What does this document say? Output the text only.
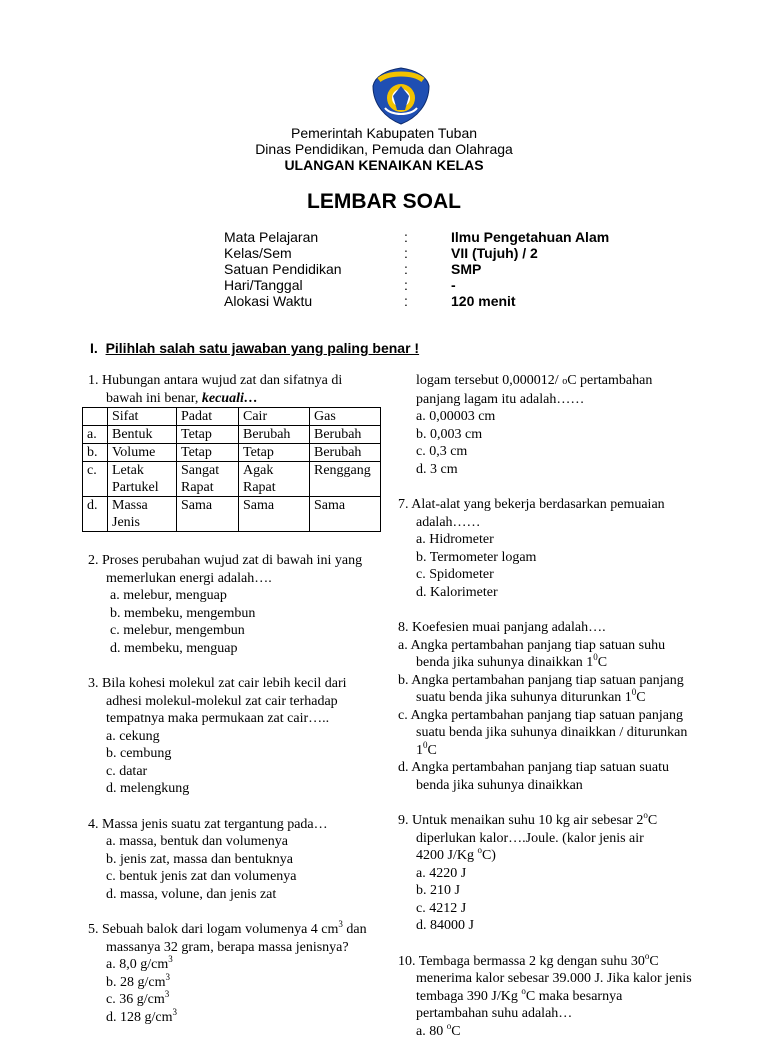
Pemerintah Kabupaten Tuban
Dinas Pendidikan, Pemuda dan Olahraga
ULANGAN KENAIKAN KELAS
LEMBAR SOAL
Mata Pelajaran	:	Ilmu Pengetahuan Alam
Kelas/Sem	:	VII (Tujuh) / 2
Satuan Pendidikan	:	SMP
Hari/Tanggal	:	-
Alokasi Waktu	:	120 menit
I. Pilihlah salah satu jawaban yang paling benar !
1. Hubungan antara wujud zat dan sifatnya di
bawah ini benar, kecuali…
	Sifat	Padat	Cair	Gas
a.	Bentuk	Tetap	Berubah	Berubah
b.	Volume	Tetap	Tetap	Berubah
c.	Letak Partukel	Sangat Rapat	Agak Rapat	Renggang
d.	Massa Jenis	Sama	Sama	Sama
2. Proses perubahan wujud zat di bawah ini yang
memerlukan energi adalah….
a. melebur, menguap
b. membeku, mengembun
c. melebur, mengembun
d. membeku, menguap
3. Bila kohesi molekul zat cair lebih kecil dari
adhesi molekul-molekul zat cair terhadap
tempatnya maka permukaan zat cair…..
a. cekung
b. cembung
c. datar
d. melengkung
4. Massa jenis suatu zat tergantung pada…
a. massa, bentuk dan volumenya
b. jenis zat, massa dan bentuknya
c. bentuk jenis zat dan volumenya
d. massa, volune, dan jenis zat
5. Sebuah balok dari logam volumenya 4 $cm^3$ dan
massanya 32 gram, berapa massa jenisnya?
a. 8,0 $g/cm^3$
b. 28 $g/cm^3$
c. 36 $g/cm^3$
d. 128 $g/cm^3$
logam tersebut 0,000012/ oC pertambahan
panjang lagam itu adalah……
a. 0,00003 cm
b. 0,003 cm
c. 0,3 cm
d. 3 cm
7. Alat-alat yang bekerja berdasarkan pemuaian
adalah……
a. Hidrometer
b. Termometer logam
c. Spidometer
d. Kalorimeter
8. Koefesien muai panjang adalah….
a. Angka pertambahan panjang tiap satuan suhu
benda jika suhunya dinaikkan $1^0C$
b. Angka pertambahan panjang tiap satuan panjang
suatu benda jika suhunya diturunkan $1^0C$
c. Angka pertambahan panjang tiap satuan panjang
suatu benda jika suhunya dinaikkan / diturunkan
$1^0C$
d. Angka pertambahan panjang tiap satuan suatu
benda jika suhunya dinaikkan
9. Untuk menaikan suhu 10 kg air sebesar 2$^o$C
diperlukan kalor….Joule. (kalor jenis air
4200 J/Kg $^o$C)
a. 4220 J
b. 210 J
c. 4212 J
d. 84000 J
10. Tembaga bermassa 2 kg dengan suhu 30$^o$C
menerima kalor sebesar 39.000 J. Jika kalor jenis
tembaga 390 J/Kg $^o$C maka besarnya
pertambahan suhu adalah…
a. 80 $^o$C
